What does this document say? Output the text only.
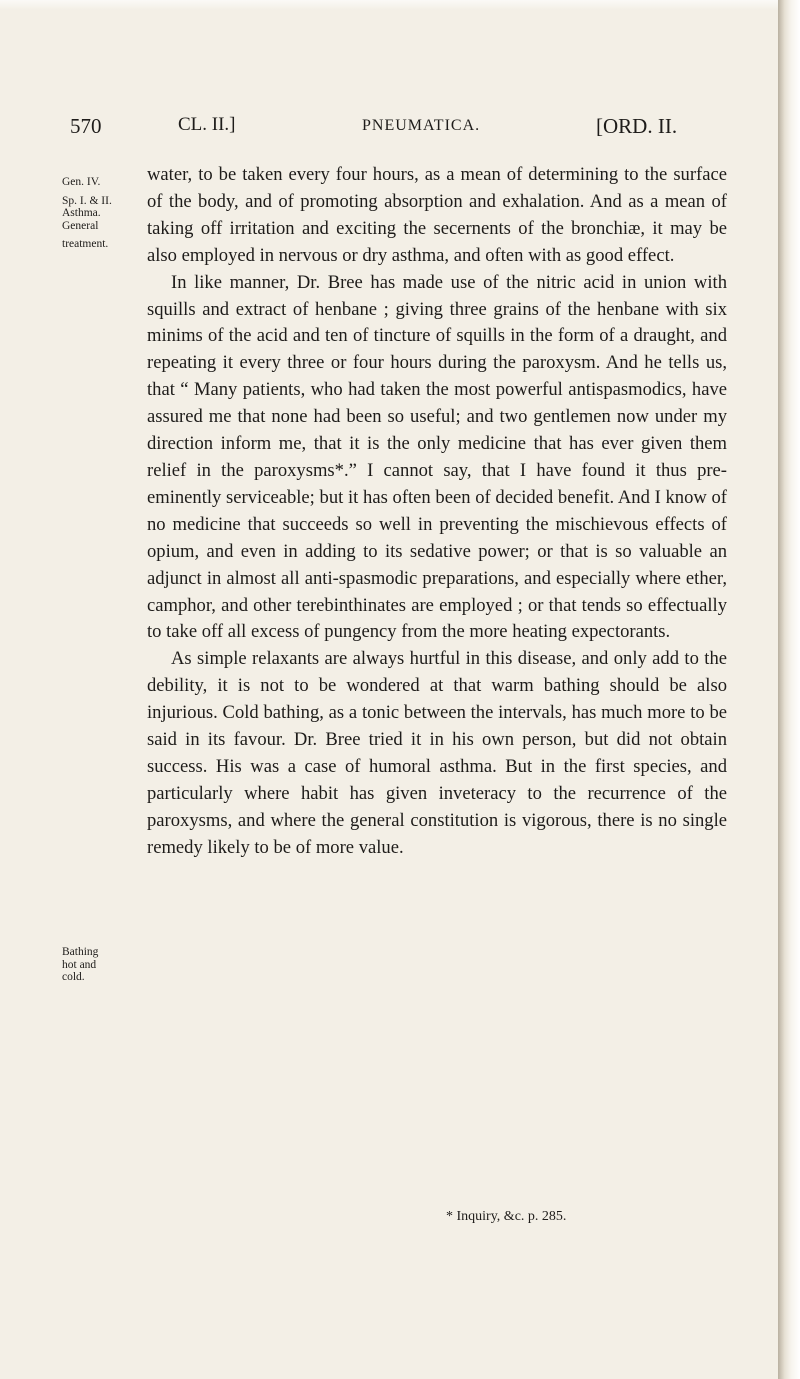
570	CL. II.]	PNEUMATICA.	[ORD. II.
Gen. IV.
Sp. I. & II.
Asthma.
General
treatment.
Bathing
hot and
cold.

water, to be taken every four hours, as a mean of determining to the surface of the body, and of promoting absorption and exhalation. And as a mean of taking off irritation and exciting the secernents of the bronchiæ, it may be also employed in nervous or dry asthma, and often with as good effect.

In like manner, Dr. Bree has made use of the nitric acid in union with squills and extract of henbane ; giving three grains of the henbane with six minims of the acid and ten of tincture of squills in the form of a draught, and repeating it every three or four hours during the paroxysm. And he tells us, that “ Many patients, who had taken the most powerful antispasmodics, have assured me that none had been so useful; and two gentlemen now under my direction inform me, that it is the only medicine that has ever given them relief in the paroxysms*.” I cannot say, that I have found it thus pre-eminently serviceable; but it has often been of decided benefit. And I know of no medicine that succeeds so well in preventing the mischievous effects of opium, and even in adding to its sedative power; or that is so valuable an adjunct in almost all anti-spasmodic preparations, and especially where ether, camphor, and other terebinthinates are employed ; or that tends so effectually to take off all excess of pungency from the more heating expectorants.

As simple relaxants are always hurtful in this disease, and only add to the debility, it is not to be wondered at that warm bathing should be also injurious. Cold bathing, as a tonic between the intervals, has much more to be said in its favour. Dr. Bree tried it in his own person, but did not obtain success. His was a case of humoral asthma. But in the first species, and particularly where habit has given inveteracy to the recurrence of the paroxysms, and where the general constitution is vigorous, there is no single remedy likely to be of more value.

* Inquiry, &c. p. 285.
